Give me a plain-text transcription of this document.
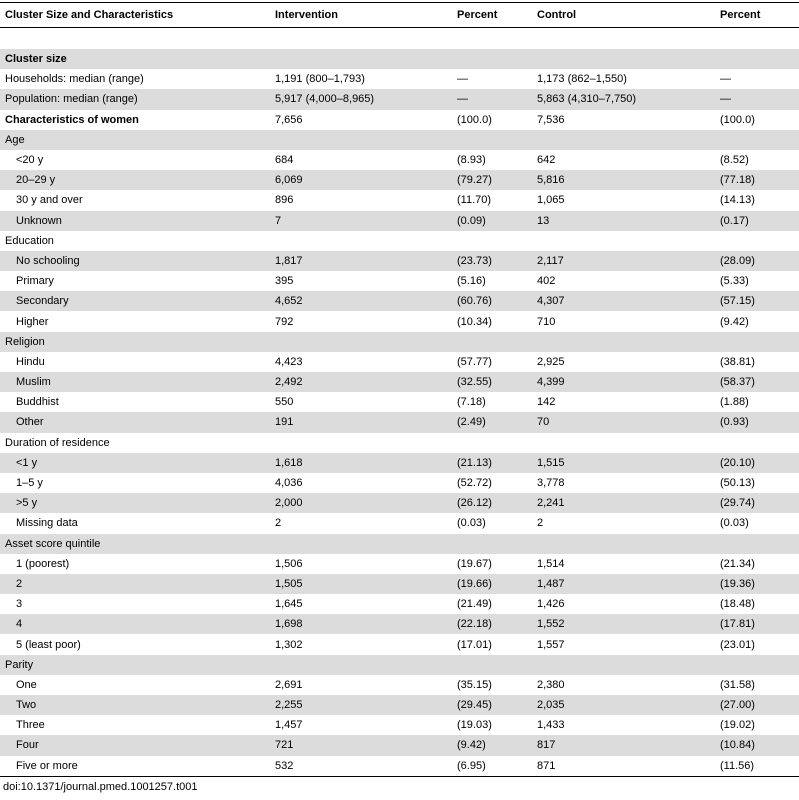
Cluster Size and Characteristics	Intervention	Percent	Control	Percent
Cluster size				
Households: median (range)	1,191 (800–1,793)	—	1,173 (862–1,550)	—
Population: median (range)	5,917 (4,000–8,965)	—	5,863 (4,310–7,750)	—
Characteristics of women	7,656	(100.0)	7,536	(100.0)
Age				
<20 y	684	(8.93)	642	(8.52)
20–29 y	6,069	(79.27)	5,816	(77.18)
30 y and over	896	(11.70)	1,065	(14.13)
Unknown	7	(0.09)	13	(0.17)
Education				
No schooling	1,817	(23.73)	2,117	(28.09)
Primary	395	(5.16)	402	(5.33)
Secondary	4,652	(60.76)	4,307	(57.15)
Higher	792	(10.34)	710	(9.42)
Religion				
Hindu	4,423	(57.77)	2,925	(38.81)
Muslim	2,492	(32.55)	4,399	(58.37)
Buddhist	550	(7.18)	142	(1.88)
Other	191	(2.49)	70	(0.93)
Duration of residence				
<1 y	1,618	(21.13)	1,515	(20.10)
1–5 y	4,036	(52.72)	3,778	(50.13)
>5 y	2,000	(26.12)	2,241	(29.74)
Missing data	2	(0.03)	2	(0.03)
Asset score quintile				
1 (poorest)	1,506	(19.67)	1,514	(21.34)
2	1,505	(19.66)	1,487	(19.36)
3	1,645	(21.49)	1,426	(18.48)
4	1,698	(22.18)	1,552	(17.81)
5 (least poor)	1,302	(17.01)	1,557	(23.01)
Parity				
One	2,691	(35.15)	2,380	(31.58)
Two	2,255	(29.45)	2,035	(27.00)
Three	1,457	(19.03)	1,433	(19.02)
Four	721	(9.42)	817	(10.84)
Five or more	532	(6.95)	871	(11.56)
doi:10.1371/journal.pmed.1001257.t001
